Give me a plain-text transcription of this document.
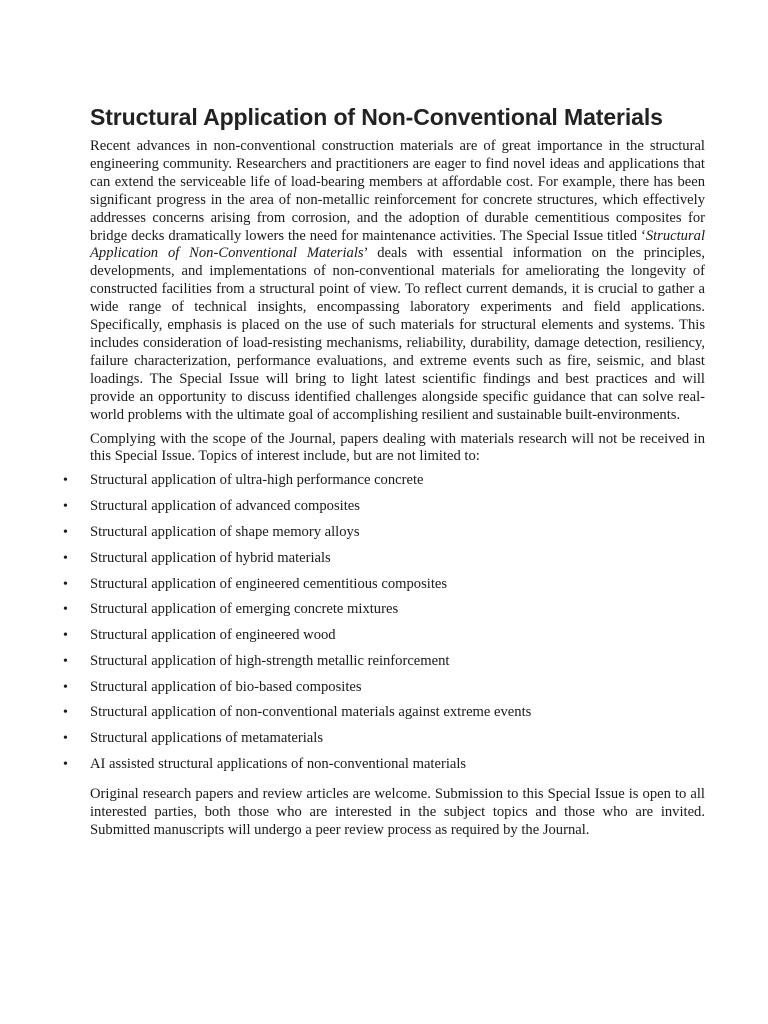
Structural Application of Non-Conventional Materials

Recent advances in non-conventional construction materials are of great importance in the structural engineering community. Researchers and practitioners are eager to find novel ideas and applications that can extend the serviceable life of load-bearing members at affordable cost. For example, there has been significant progress in the area of non-metallic reinforcement for concrete structures, which effectively addresses concerns arising from corrosion, and the adoption of durable cementitious composites for bridge decks dramatically lowers the need for maintenance activities. The Special Issue titled ‘Structural Application of Non-Conventional Materials’ deals with essential information on the principles, developments, and implementations of non-conventional materials for ameliorating the longevity of constructed facilities from a structural point of view. To reflect current demands, it is crucial to gather a wide range of technical insights, encompassing laboratory experiments and field applications. Specifically, emphasis is placed on the use of such materials for structural elements and systems. This includes consideration of load-resisting mechanisms, reliability, durability, damage detection, resiliency, failure characterization, performance evaluations, and extreme events such as fire, seismic, and blast loadings. The Special Issue will bring to light latest scientific findings and best practices and will provide an opportunity to discuss identified challenges alongside specific guidance that can solve real-world problems with the ultimate goal of accomplishing resilient and sustainable built-environments.

Complying with the scope of the Journal, papers dealing with materials research will not be received in this Special Issue. Topics of interest include, but are not limited to:

• Structural application of ultra-high performance concrete
• Structural application of advanced composites
• Structural application of shape memory alloys
• Structural application of hybrid materials
• Structural application of engineered cementitious composites
• Structural application of emerging concrete mixtures
• Structural application of engineered wood
• Structural application of high-strength metallic reinforcement
• Structural application of bio-based composites
• Structural application of non-conventional materials against extreme events
• Structural applications of metamaterials
• AI assisted structural applications of non-conventional materials

Original research papers and review articles are welcome. Submission to this Special Issue is open to all interested parties, both those who are interested in the subject topics and those who are invited. Submitted manuscripts will undergo a peer review process as required by the Journal.
